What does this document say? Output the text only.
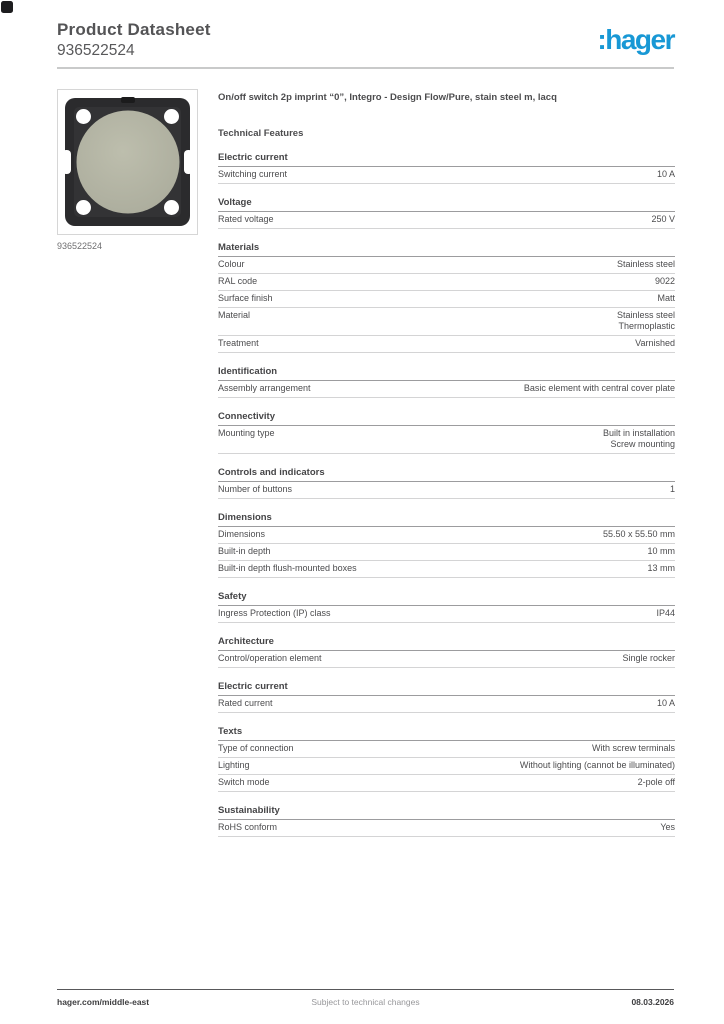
Product Datasheet
936522524	:hager
936522524

On/off switch 2p imprint “0”, Integro - Design Flow/Pure, stain steel m, lacq

Technical Features
Electric current
Switching current	10 A
Voltage
Rated voltage	250 V
Materials
Colour	Stainless steel
RAL code	9022
Surface finish	Matt
Material	Stainless steel
Thermoplastic
Treatment	Varnished
Identification
Assembly arrangement	Basic element with central cover plate
Connectivity
Mounting type	Built in installation
Screw mounting
Controls and indicators
Number of buttons	1
Dimensions
Dimensions	55.50 x 55.50 mm
Built-in depth	10 mm
Built-in depth flush-mounted boxes	13 mm
Safety
Ingress Protection (IP) class	IP44
Architecture
Control/operation element	Single rocker
Electric current
Rated current	10 A
Texts
Type of connection	With screw terminals
Lighting	Without lighting (cannot be illuminated)
Switch mode	2-pole off
Sustainability
RoHS conform	Yes
hager.com/middle-east	Subject to technical changes	08.03.2026
